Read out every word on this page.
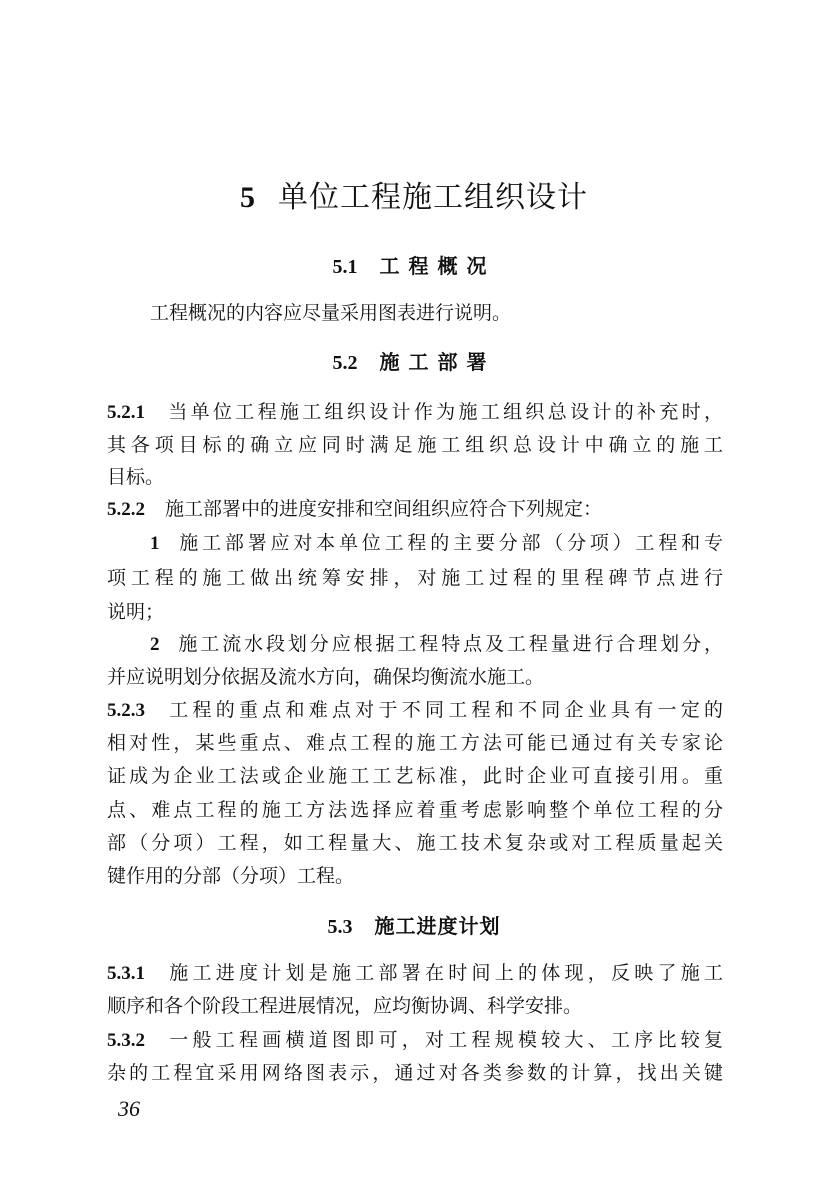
5 单位工程施工组织设计
5.1 工程概况
工程概况的内容应尽量采用图表进行说明。
5.2 施工部署
5.2.1 当单位工程施工组织设计作为施工组织总设计的补充时，
其各项目标的确立应同时满足施工组织总设计中确立的施工
目标。
5.2.2 施工部署中的进度安排和空间组织应符合下列规定：
1 施工部署应对本单位工程的主要分部（分项）工程和专
项工程的施工做出统筹安排，对施工过程的里程碑节点进行
说明；
2 施工流水段划分应根据工程特点及工程量进行合理划分，
并应说明划分依据及流水方向，确保均衡流水施工。
5.2.3 工程的重点和难点对于不同工程和不同企业具有一定的
相对性，某些重点、难点工程的施工方法可能已通过有关专家论
证成为企业工法或企业施工工艺标准，此时企业可直接引用。重
点、难点工程的施工方法选择应着重考虑影响整个单位工程的分
部（分项）工程，如工程量大、施工技术复杂或对工程质量起关
键作用的分部（分项）工程。
5.3 施工进度计划
5.3.1 施工进度计划是施工部署在时间上的体现，反映了施工
顺序和各个阶段工程进展情况，应均衡协调、科学安排。
5.3.2 一般工程画横道图即可，对工程规模较大、工序比较复
杂的工程宜采用网络图表示，通过对各类参数的计算，找出关键
36
